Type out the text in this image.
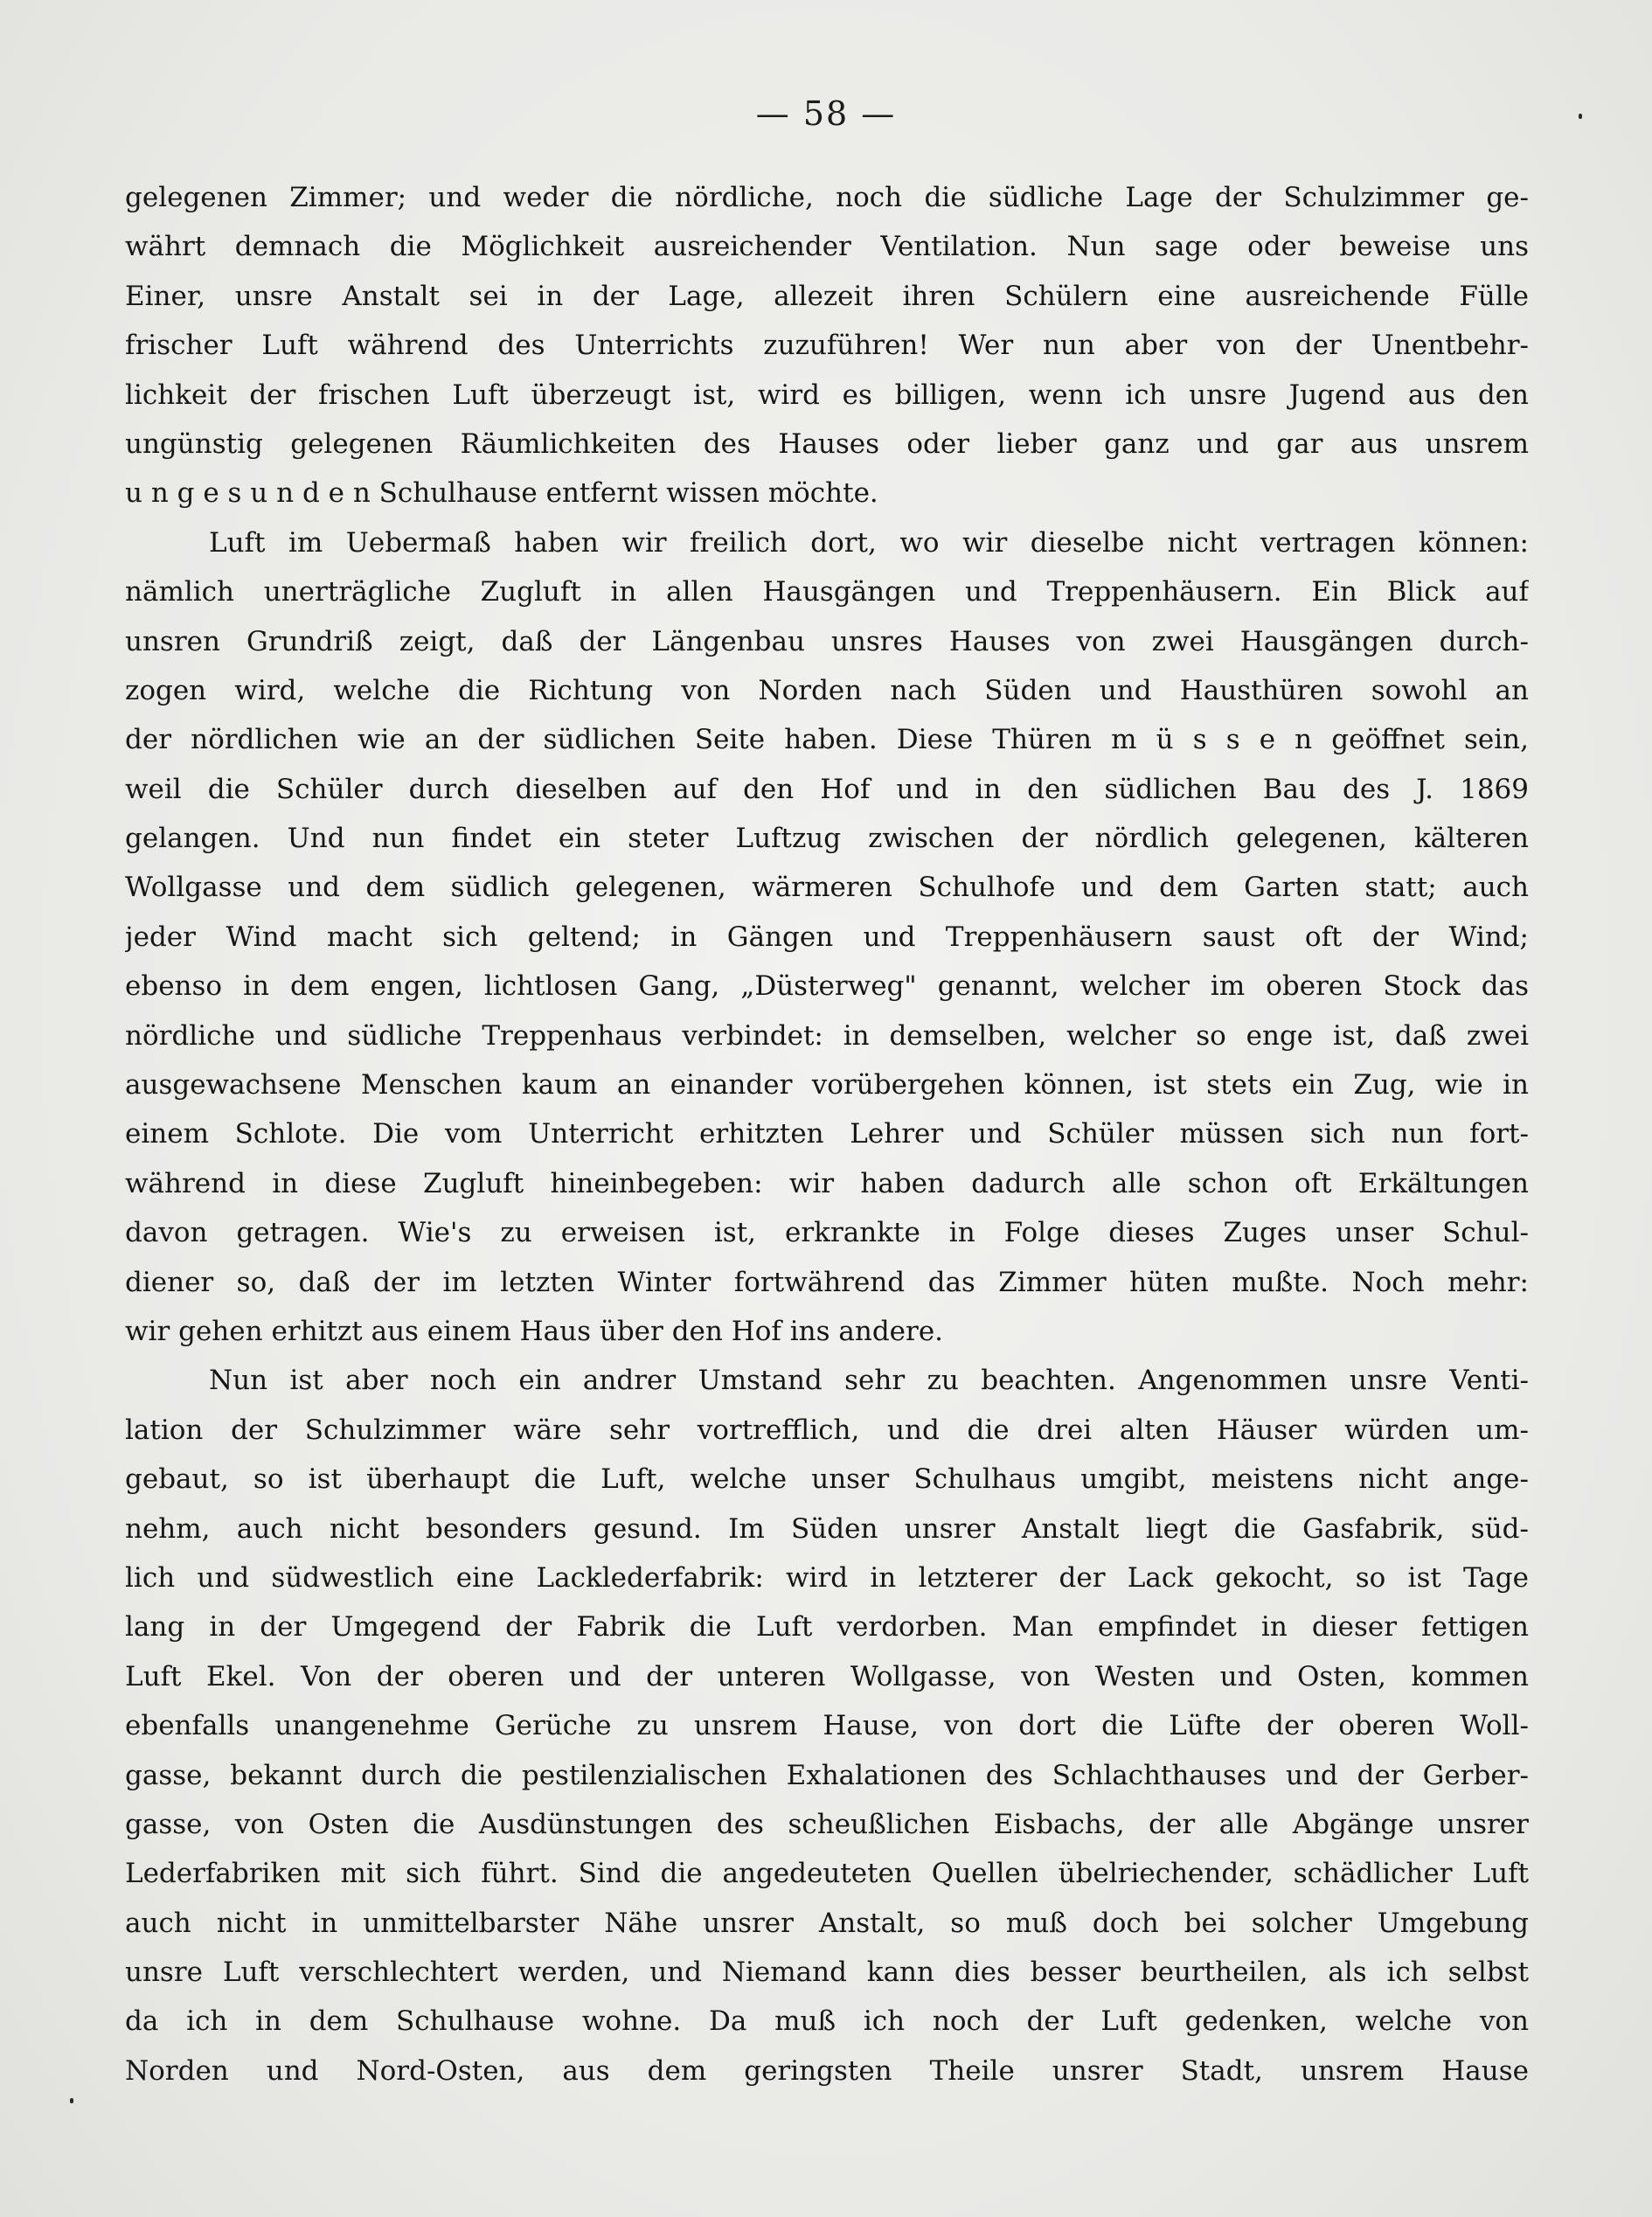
— 58 —
gelegenen Zimmer; und weder die nördliche, noch die südliche Lage der Schulzimmer ge-
währt demnach die Möglichkeit ausreichender Ventilation. Nun sage oder beweise uns
Einer, unsre Anstalt sei in der Lage, allezeit ihren Schülern eine ausreichende Fülle
frischer Luft während des Unterrichts zuzuführen! Wer nun aber von der Unentbehr-
lichkeit der frischen Luft überzeugt ist, wird es billigen, wenn ich unsre Jugend aus den
ungünstig gelegenen Räumlichkeiten des Hauses oder lieber ganz und gar aus unsrem
u n g e s u n d e n Schulhause entfernt wissen möchte.
Luft im Uebermaß haben wir freilich dort, wo wir dieselbe nicht vertragen können:
nämlich unerträgliche Zugluft in allen Hausgängen und Treppenhäusern. Ein Blick auf
unsren Grundriß zeigt, daß der Längenbau unsres Hauses von zwei Hausgängen durch-
zogen wird, welche die Richtung von Norden nach Süden und Hausthüren sowohl an
der nördlichen wie an der südlichen Seite haben. Diese Thüren m ü s s e n geöffnet sein,
weil die Schüler durch dieselben auf den Hof und in den südlichen Bau des J. 1869
gelangen. Und nun findet ein steter Luftzug zwischen der nördlich gelegenen, kälteren
Wollgasse und dem südlich gelegenen, wärmeren Schulhofe und dem Garten statt; auch
jeder Wind macht sich geltend; in Gängen und Treppenhäusern saust oft der Wind;
ebenso in dem engen, lichtlosen Gang, „Düsterweg" genannt, welcher im oberen Stock das
nördliche und südliche Treppenhaus verbindet: in demselben, welcher so enge ist, daß zwei
ausgewachsene Menschen kaum an einander vorübergehen können, ist stets ein Zug, wie in
einem Schlote. Die vom Unterricht erhitzten Lehrer und Schüler müssen sich nun fort-
während in diese Zugluft hineinbegeben: wir haben dadurch alle schon oft Erkältungen
davon getragen. Wie's zu erweisen ist, erkrankte in Folge dieses Zuges unser Schul-
diener so, daß der im letzten Winter fortwährend das Zimmer hüten mußte. Noch mehr:
wir gehen erhitzt aus einem Haus über den Hof ins andere.
Nun ist aber noch ein andrer Umstand sehr zu beachten. Angenommen unsre Venti-
lation der Schulzimmer wäre sehr vortrefflich, und die drei alten Häuser würden um-
gebaut, so ist überhaupt die Luft, welche unser Schulhaus umgibt, meistens nicht ange-
nehm, auch nicht besonders gesund. Im Süden unsrer Anstalt liegt die Gasfabrik, süd-
lich und südwestlich eine Lacklederfabrik: wird in letzterer der Lack gekocht, so ist Tage
lang in der Umgegend der Fabrik die Luft verdorben. Man empfindet in dieser fettigen
Luft Ekel. Von der oberen und der unteren Wollgasse, von Westen und Osten, kommen
ebenfalls unangenehme Gerüche zu unsrem Hause, von dort die Lüfte der oberen Woll-
gasse, bekannt durch die pestilenzialischen Exhalationen des Schlachthauses und der Gerber-
gasse, von Osten die Ausdünstungen des scheußlichen Eisbachs, der alle Abgänge unsrer
Lederfabriken mit sich führt. Sind die angedeuteten Quellen übelriechender, schädlicher Luft
auch nicht in unmittelbarster Nähe unsrer Anstalt, so muß doch bei solcher Umgebung
unsre Luft verschlechtert werden, und Niemand kann dies besser beurtheilen, als ich selbst
da ich in dem Schulhause wohne. Da muß ich noch der Luft gedenken, welche von
Norden und Nord-Osten, aus dem geringsten Theile unsrer Stadt, unsrem Hause
